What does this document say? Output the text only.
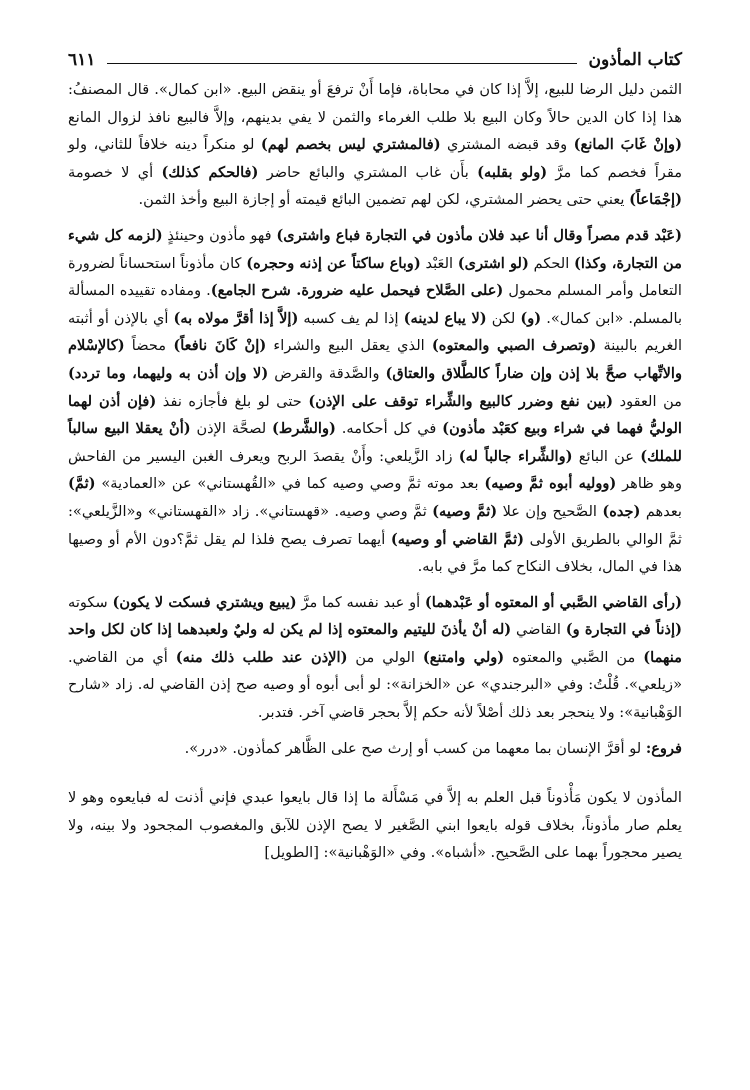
كتاب المأذون
٦١١

الثمن دليل الرضا للبيع، إلاَّ إذا كان في محاباة، فإما أَنْ ترفعَ أو ينقض البيع. «ابن كمال». قال المصنفُ: هذا إذا كان الدين حالاً وكان البيع بلا طلب الغرماء والثمن لا يفي بدينهم، وإلاَّ فالبيع نافذ لزوال المانع (وإنْ غَابَ المانع) وقد قبضه المشتري (فالمشتري ليس بخصم لهم) لو منكراً دينه خلافاً للثاني، ولو مقراً فخصم كما مرَّ (ولو بقلبه) بأَن غاب المشتري والبائع حاضر (فالحكم كذلك) أي لا خصومة (إجْمَاعاً) يعني حتى يحضر المشتري، لكن لهم تضمين البائع قيمته أو إجازة البيع وأخذ الثمن.

(عَبْد قدم مصراً وقال أنا عبد فلان مأذون في التجارة فباع واشترى) فهو مأذون وحينئذٍ (لزمه كل شيء من التجارة، وكذا) الحكم (لو اشترى) العَبْد (وباع ساكتاً عن إذنه وحجره) كان مأذوناً استحساناً لضرورة التعامل وأمر المسلم محمول (على الصَّلاح فيحمل عليه ضرورة. شرح الجامع). ومفاده تقييده المسألة بالمسلم. «ابن كمال». (و) لكن (لا يباع لدينه) إذا لم يف كسبه (إلاَّ إذا أقرَّ مولاه به) أي بالإذن أو أثبته الغريم بالبينة (وتصرف الصبي والمعتوه) الذي يعقل البيع والشراء (إنْ كَانَ نافعاً) محضاً (كالإسْلام والاتِّهاب صحَّ بلا إذن وإن ضاراً كالطَّلاق والعتاق) والصَّدقة والقرض (لا وإن أذن به وليهما، وما تردد) من العقود (بين نفع وضرر كالبيع والشِّراء توقف على الإذن) حتى لو بلغ فأجازه نفذ (فإن أذن لهما الوليُّ فهما في شراء وبيع كعَبْد مأذون) في كل أحكامه. (والشَّرط) لصحَّة الإذن (أنْ يعقلا البيع سالباً للملك) عن البائع (والشِّراء جالباً له) زاد الزَّيلعي: وأَنْ يقصدَ الربح ويعرف الغبن اليسير من الفاحش وهو ظاهر (ووليه أبوه ثمَّ وصيه) بعد موته ثمَّ وصي وصيه كما في «القُهستاني» عن «العمادية» (ثمَّ) بعدهم (جده) الصَّحيح وإن علا (ثمَّ وصيه) ثمَّ وصي وصيه. «قهستاني». زاد «القهستاني» و«الزَّيلعي»: ثمَّ الوالي بالطريق الأولى (ثمَّ القاضي أو وصيه) أيهما تصرف يصح فلذا لم يقل ثمَّ؟دون الأم أو وصيها هذا في المال، بخلاف النكاح كما مرَّ في بابه.

(رأى القاضي الصَّبي أو المعتوه أو عَبْدهما) أو عبد نفسه كما مرَّ (يبيع ويشتري فسكت لا يكون) سكوته (إذناً في التجارة و) القاضي (له أنْ يأذنَ لليتيم والمعتوه إذا لم يكن له وليٌ ولعبدهما إذا كان لكل واحد منهما) من الصَّبي والمعتوه (ولي وامتنع) الولي من (الإذن عند طلب ذلك منه) أي من القاضي. «زيلعي». قُلْتُ: وفي «البرجندي» عن «الخزانة»: لو أبى أبوه أو وصيه صح إذن القاضي له. زاد «شارح الوَهْبانية»: ولا ينحجر بعد ذلك أصْلاً لأنه حكم إلاَّ بحجر قاضي آخر. فتدبر.

فروع: لو أقرَّ الإنسان بما معهما من كسب أو إرث صح على الظَّاهر كمأذون. «درر».

المأذون لا يكون مَأْذوناً قبل العلم به إلاَّ في مَسْأَلة ما إذا قال بايعوا عبدي فإني أذنت له فبايعوه وهو لا يعلم صار مأذوناً، بخلاف قوله بايعوا ابني الصَّغير لا يصح الإذن للآبق والمغصوب المجحود ولا بينه، ولا يصير محجوراً بهما على الصَّحيح. «أشباه». وفي «الوَهْبانية»: [الطويل]
